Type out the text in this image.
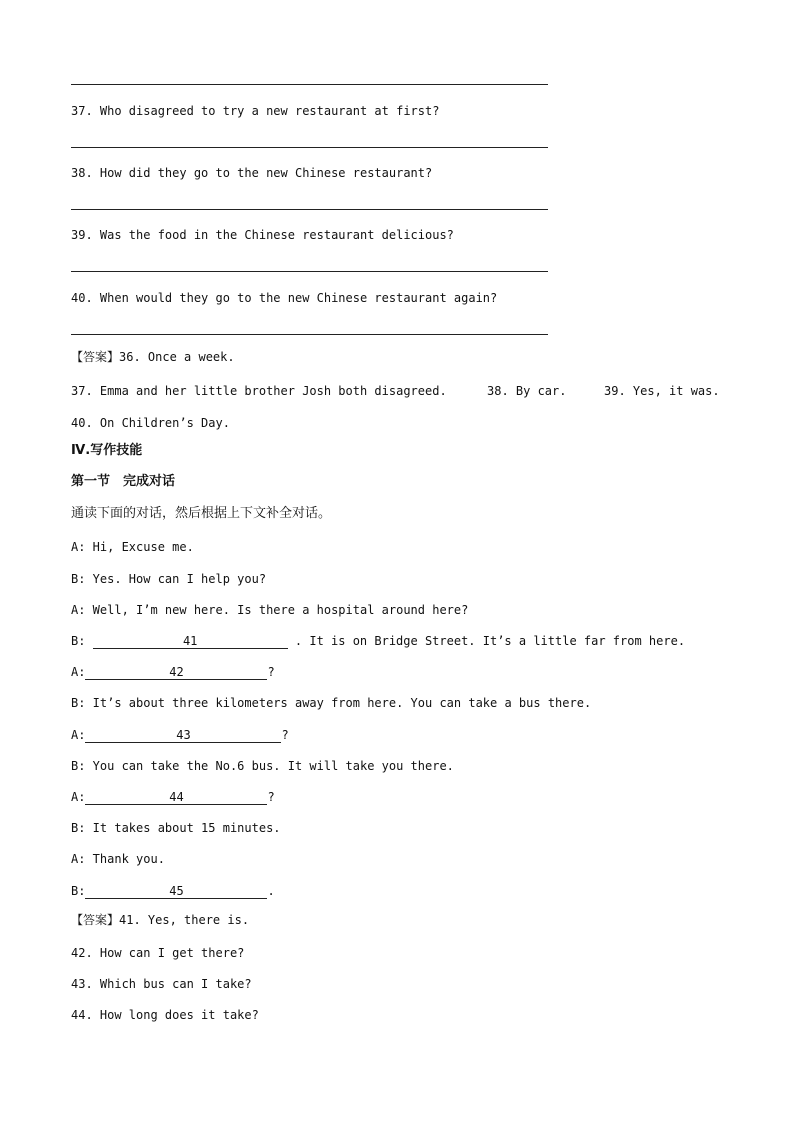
37. Who disagreed to try a new restaurant at first?
38. How did they go to the new Chinese restaurant?
39. Was the food in the Chinese restaurant delicious?
40. When would they go to the new Chinese restaurant again?
【答案】36. Once a week.
37. Emma and her little brother Josh both disagreed.	38. By car.	39. Yes, it was.
40. On Children’s Day.
Ⅳ.写作技能
第一节　完成对话
通读下面的对话，然后根据上下文补全对话。
A: Hi, Excuse me.
B: Yes. How can I help you?
A: Well, I’m new here. Is there a hospital around here?
B:	41	. It is on Bridge Street. It’s a little far from here.
A:	42	?
B: It’s about three kilometers away from here. You can take a bus there.
A:	43	?
B: You can take the No.6 bus. It will take you there.
A:	44	?
B: It takes about 15 minutes.
A: Thank you.
B:	45	.
【答案】41. Yes, there is.
42. How can I get there?
43. Which bus can I take?
44. How long does it take?
